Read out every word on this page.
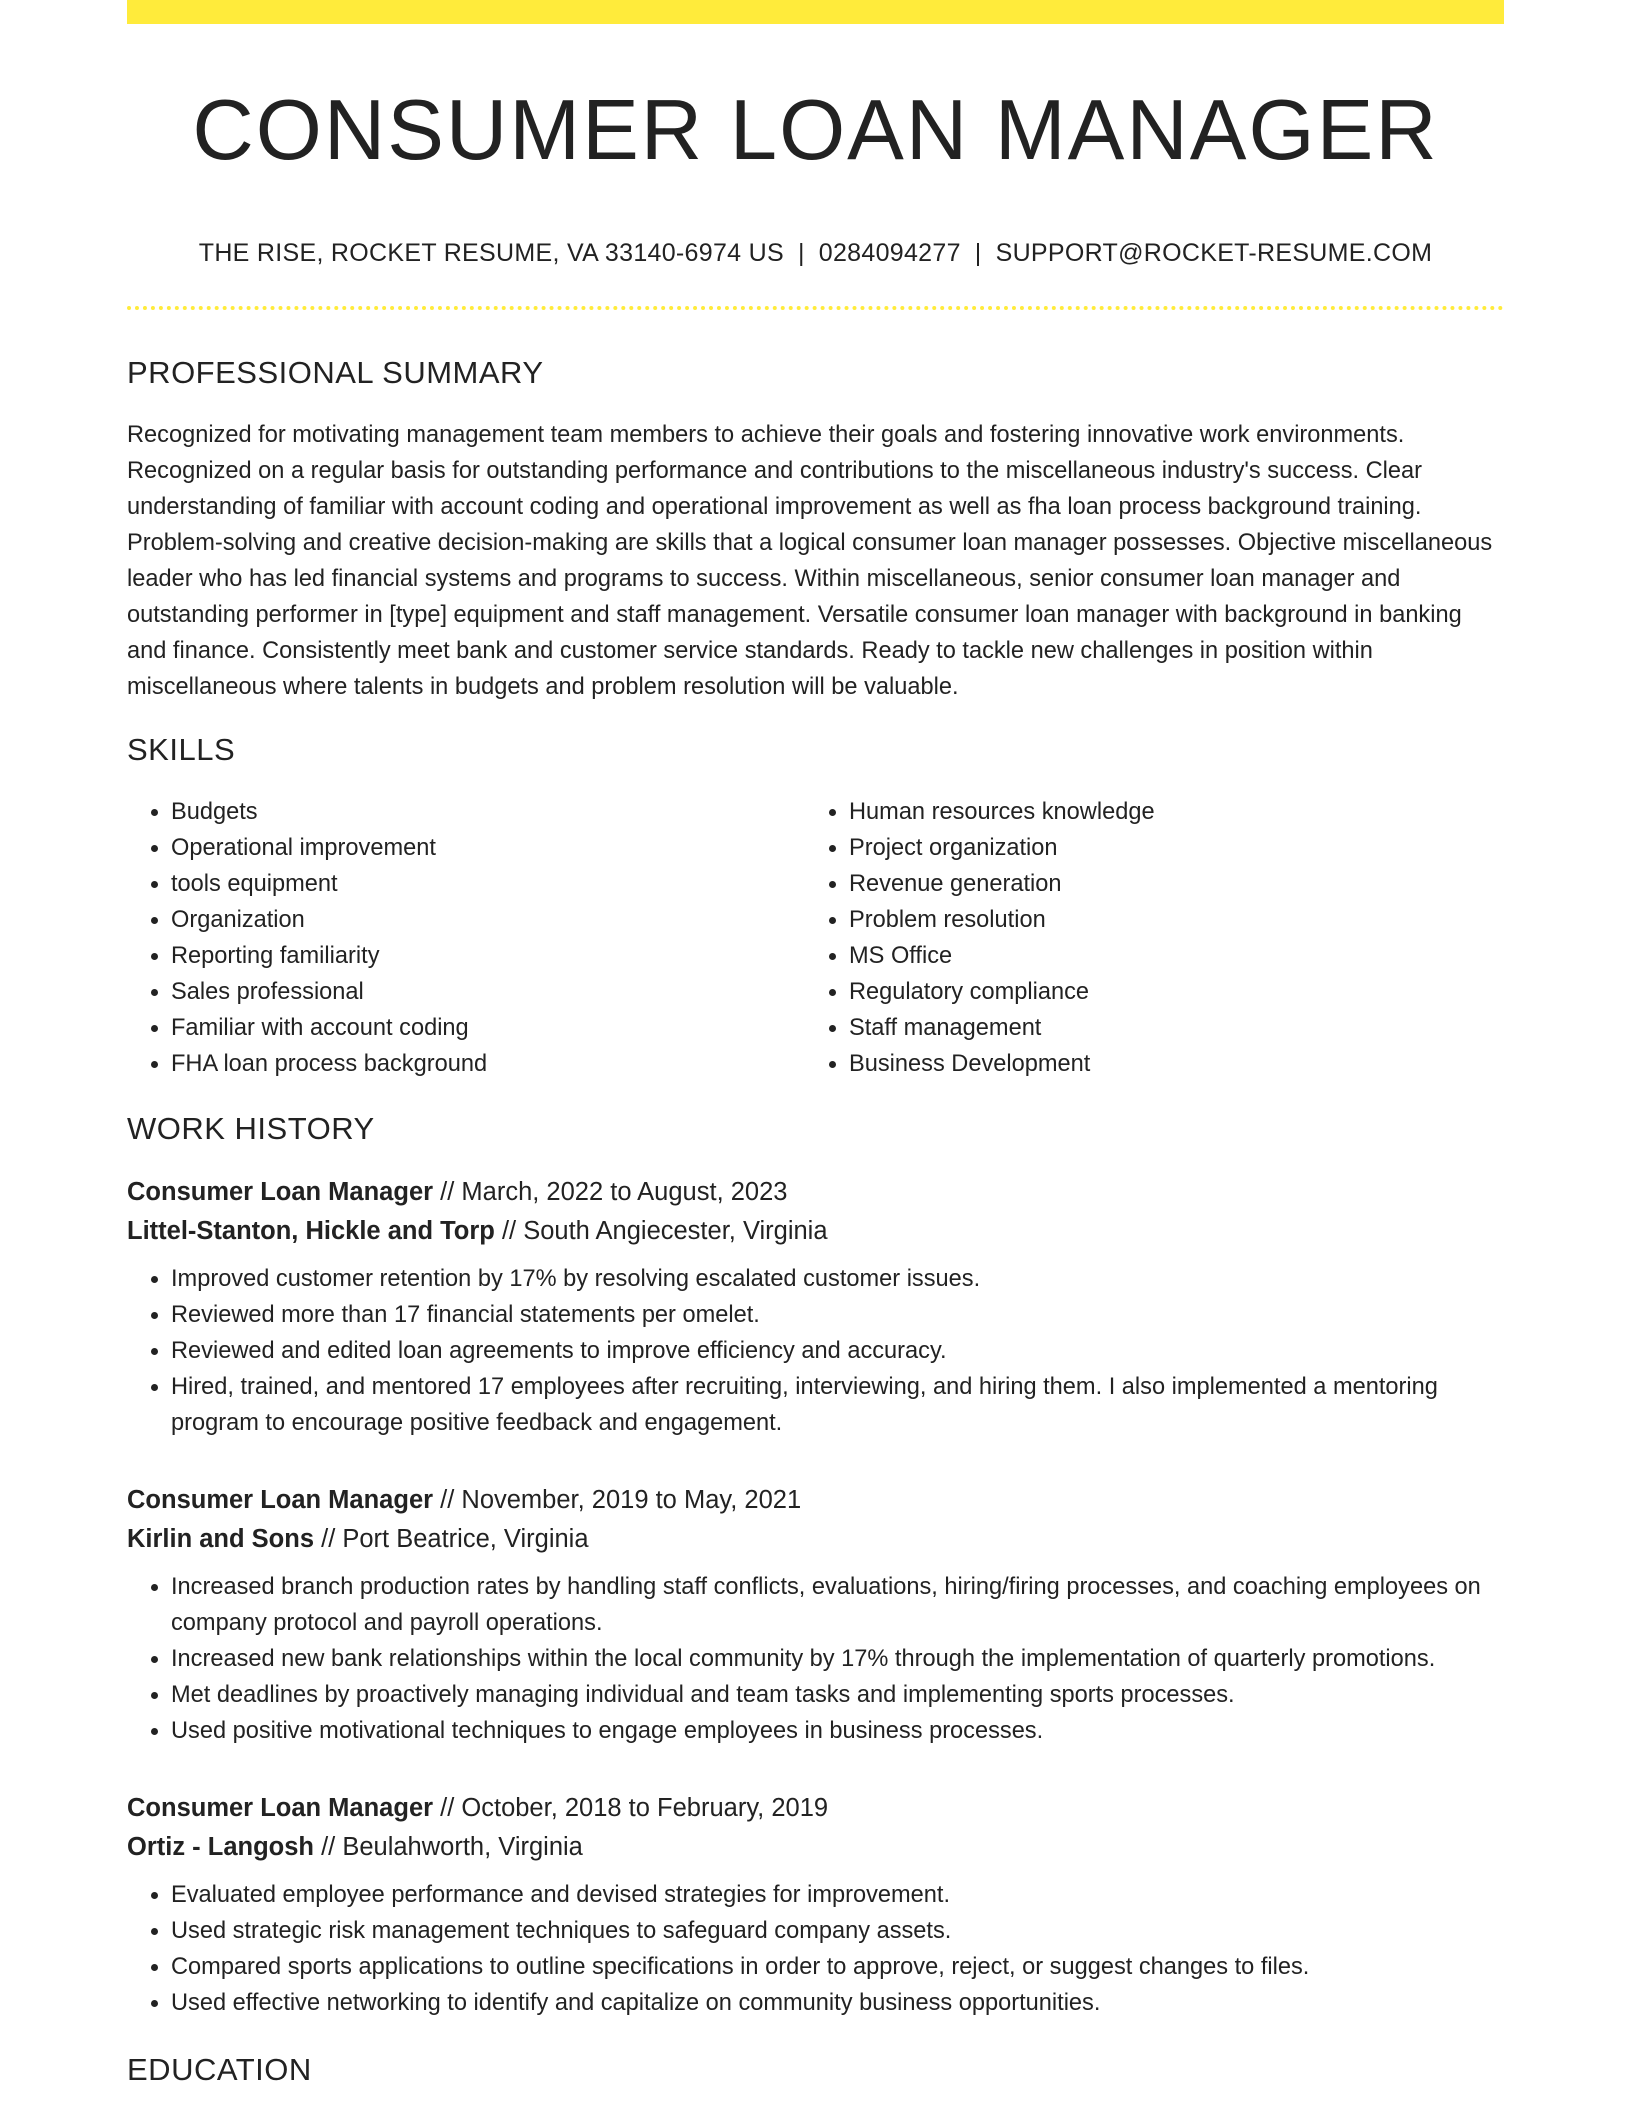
CONSUMER LOAN MANAGER
THE RISE, ROCKET RESUME, VA 33140-6974 US | 0284094277 | SUPPORT@ROCKET-RESUME.COM
PROFESSIONAL SUMMARY

Recognized for motivating management team members to achieve their goals and fostering innovative work environments. Recognized on a regular basis for outstanding performance and contributions to the miscellaneous industry's success. Clear understanding of familiar with account coding and operational improvement as well as fha loan process background training. Problem-solving and creative decision-making are skills that a logical consumer loan manager possesses. Objective miscellaneous leader who has led financial systems and programs to success. Within miscellaneous, senior consumer loan manager and outstanding performer in [type] equipment and staff management. Versatile consumer loan manager with background in banking and finance. Consistently meet bank and customer service standards. Ready to tackle new challenges in position within miscellaneous where talents in budgets and problem resolution will be valuable.

SKILLS
• Budgets
• Operational improvement
• tools equipment
• Organization
• Reporting familiarity
• Sales professional
• Familiar with account coding
• FHA loan process background
• Human resources knowledge
• Project organization
• Revenue generation
• Problem resolution
• MS Office
• Regulatory compliance
• Staff management
• Business Development
WORK HISTORY
Consumer Loan Manager // March, 2022 to August, 2023
Littel-Stanton, Hickle and Torp // South Angiecester, Virginia
• Improved customer retention by 17% by resolving escalated customer issues.
• Reviewed more than 17 financial statements per omelet.
• Reviewed and edited loan agreements to improve efficiency and accuracy.
• Hired, trained, and mentored 17 employees after recruiting, interviewing, and hiring them. I also implemented a mentoring program to encourage positive feedback and engagement.
Consumer Loan Manager // November, 2019 to May, 2021
Kirlin and Sons // Port Beatrice, Virginia
• Increased branch production rates by handling staff conflicts, evaluations, hiring/firing processes, and coaching employees on company protocol and payroll operations.
• Increased new bank relationships within the local community by 17% through the implementation of quarterly promotions.
• Met deadlines by proactively managing individual and team tasks and implementing sports processes.
• Used positive motivational techniques to engage employees in business processes.
Consumer Loan Manager // October, 2018 to February, 2019
Ortiz - Langosh // Beulahworth, Virginia
• Evaluated employee performance and devised strategies for improvement.
• Used strategic risk management techniques to safeguard company assets.
• Compared sports applications to outline specifications in order to approve, reject, or suggest changes to files.
• Used effective networking to identify and capitalize on community business opportunities.
EDUCATION
